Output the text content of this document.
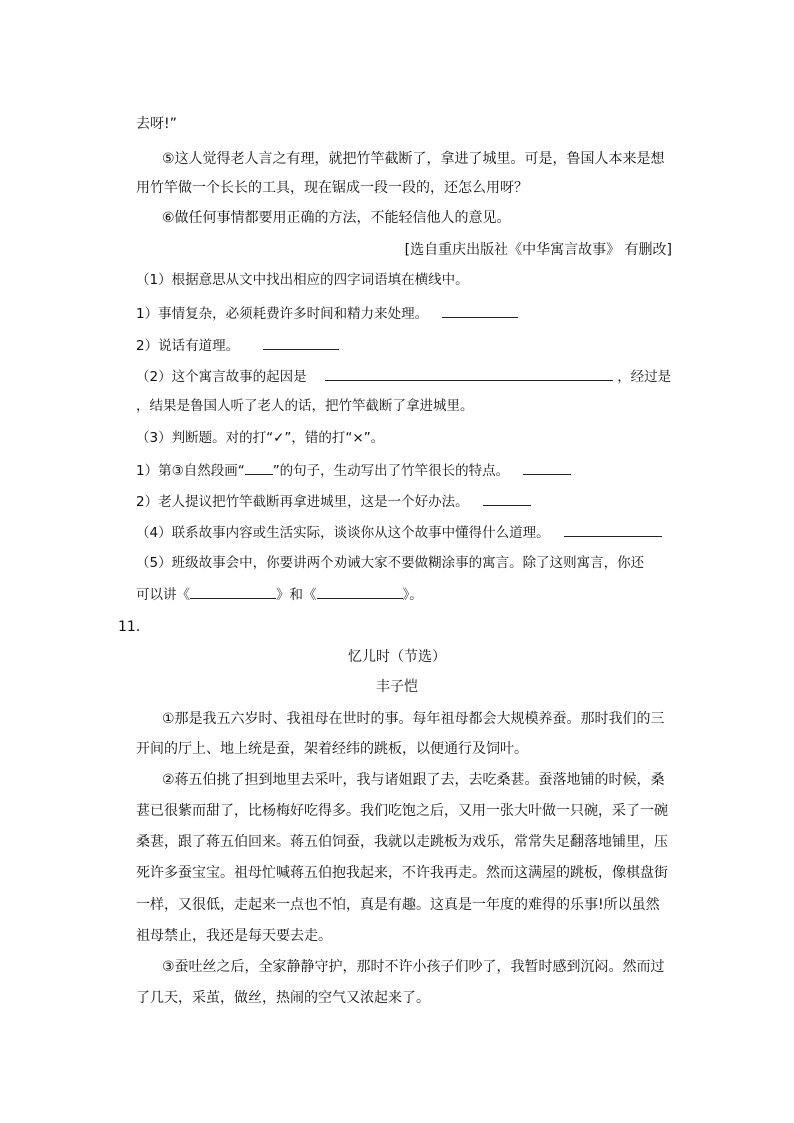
去呀!”
⑤这人觉得老人言之有理，就把竹竿截断了，拿进了城里。可是，鲁国人本来是想
用竹竿做一个长长的工具，现在锯成一段一段的，还怎么用呀？
⑥做任何事情都要用正确的方法，不能轻信他人的意见。
[选自重庆出版社《中华寓言故事》 有删改]
（1）根据意思从文中找出相应的四字词语填在横线中。
1）事情复杂，必须耗费许多时间和精力来处理。
2）说话有道理。
（2）这个寓言故事的起因是	，经过是
，结果是鲁国人听了老人的话，把竹竿截断了拿进城里。
（3）判断题。对的打“✓”，错的打“×”。
1）第③自然段画“ ”的句子，生动写出了竹竿很长的特点。
2）老人提议把竹竿截断再拿进城里，这是一个好办法。
（4）联系故事内容或生活实际，谈谈你从这个故事中懂得什么道理。
（5）班级故事会中，你要讲两个劝诫大家不要做糊涂事的寓言。除了这则寓言，你还
可以讲《	》和《	》。
11．
忆儿时（节选）
丰子恺
①那是我五六岁时、我祖母在世时的事。每年祖母都会大规模养蚕。那时我们的三
开间的厅上、地上统是蚕，架着经纬的跳板，以便通行及饲叶。
②蒋五伯挑了担到地里去采叶，我与诸姐跟了去，去吃桑葚。蚕落地铺的时候，桑
葚已很紫而甜了，比杨梅好吃得多。我们吃饱之后，又用一张大叶做一只碗，采了一碗
桑葚，跟了蒋五伯回来。蒋五伯饲蚕，我就以走跳板为戏乐，常常失足翻落地铺里，压
死许多蚕宝宝。祖母忙喊蒋五伯抱我起来，不许我再走。然而这满屋的跳板，像棋盘街
一样，又很低，走起来一点也不怕，真是有趣。这真是一年度的难得的乐事!所以虽然
祖母禁止，我还是每天要去走。
③蚕吐丝之后，全家静静守护，那时不许小孩子们吵了，我暂时感到沉闷。然而过
了几天，采茧，做丝，热闹的空气又浓起来了。
